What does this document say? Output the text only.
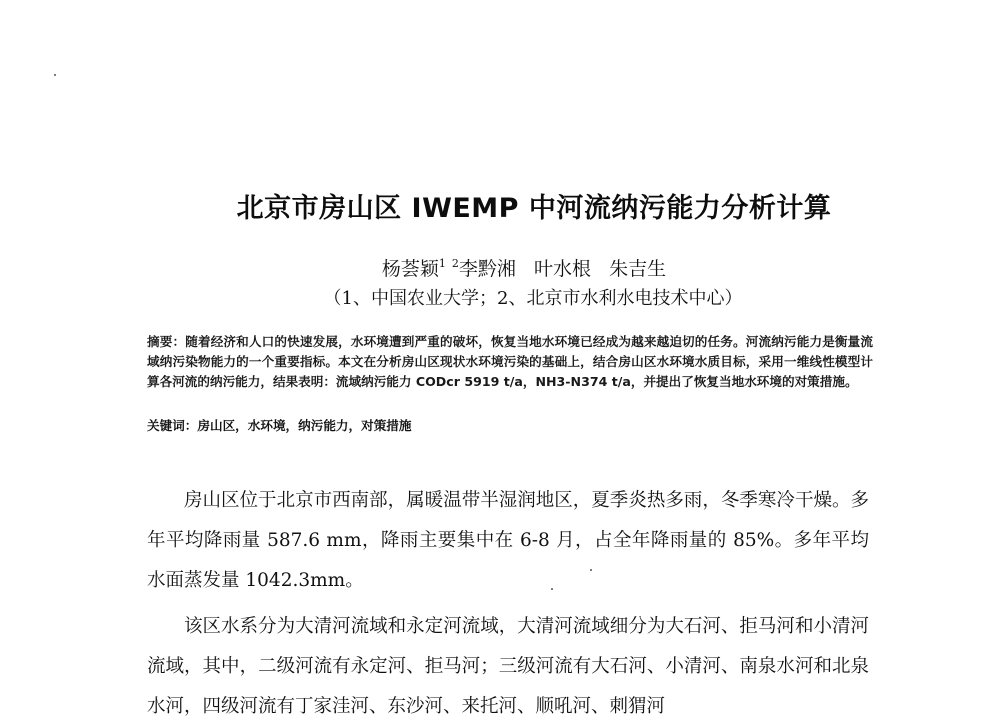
北京市房山区 IWEMP 中河流纳污能力分析计算
杨荟颖$^1$ $^2$李黔湘 叶水根 朱吉生
（1、中国农业大学；2、北京市水利水电技术中心）
摘要：随着经济和人口的快速发展，水环境遭到严重的破坏，恢复当地水环境已经成为越来越迫切的任务。河流纳污能力是衡量流域纳污染物能力的一个重要指标。本文在分析房山区现状水环境污染的基础上，结合房山区水环境水质目标，采用一维线性模型计算各河流的纳污能力，结果表明：流域纳污能力 CODcr 5919 t/a，NH3-N374 t/a，并提出了恢复当地水环境的对策措施。
关键词：房山区，水环境，纳污能力，对策措施
房山区位于北京市西南部，属暖温带半湿润地区，夏季炎热多雨，冬季寒冷干燥。多年平均降雨量 587.6 mm，降雨主要集中在 6-8 月，占全年降雨量的 85%。多年平均水面蒸发量 1042.3mm。
该区水系分为大清河流域和永定河流域，大清河流域细分为大石河、拒马河和小清河流域，其中，二级河流有永定河、拒马河；三级河流有大石河、小清河、南泉水河和北泉水河，四级河流有丁家洼河、东沙河、来托河、顺吼河、刺猬河
